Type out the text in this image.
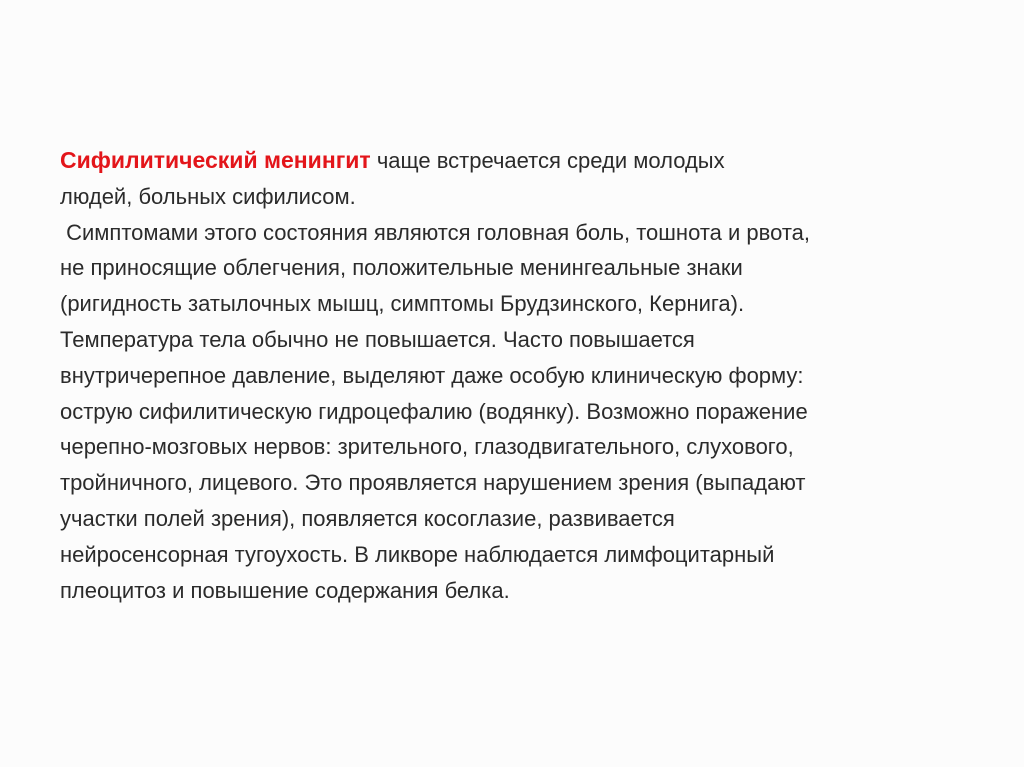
Сифилитический менингит чаще встречается среди молодых
людей, больных сифилисом.
Симптомами этого состояния являются головная боль, тошнота и рвота,
не приносящие облегчения, положительные менингеальные знаки
(ригидность затылочных мышц, симптомы Брудзинского, Кернига).
Температура тела обычно не повышается. Часто повышается
внутричерепное давление, выделяют даже особую клиническую форму:
острую сифилитическую гидроцефалию (водянку). Возможно поражение
черепно-мозговых нервов: зрительного, глазодвигательного, слухового,
тройничного, лицевого. Это проявляется нарушением зрения (выпадают
участки полей зрения), появляется косоглазие, развивается
нейросенсорная тугоухость. В ликворе наблюдается лимфоцитарный
плеоцитоз и повышение содержания белка.
